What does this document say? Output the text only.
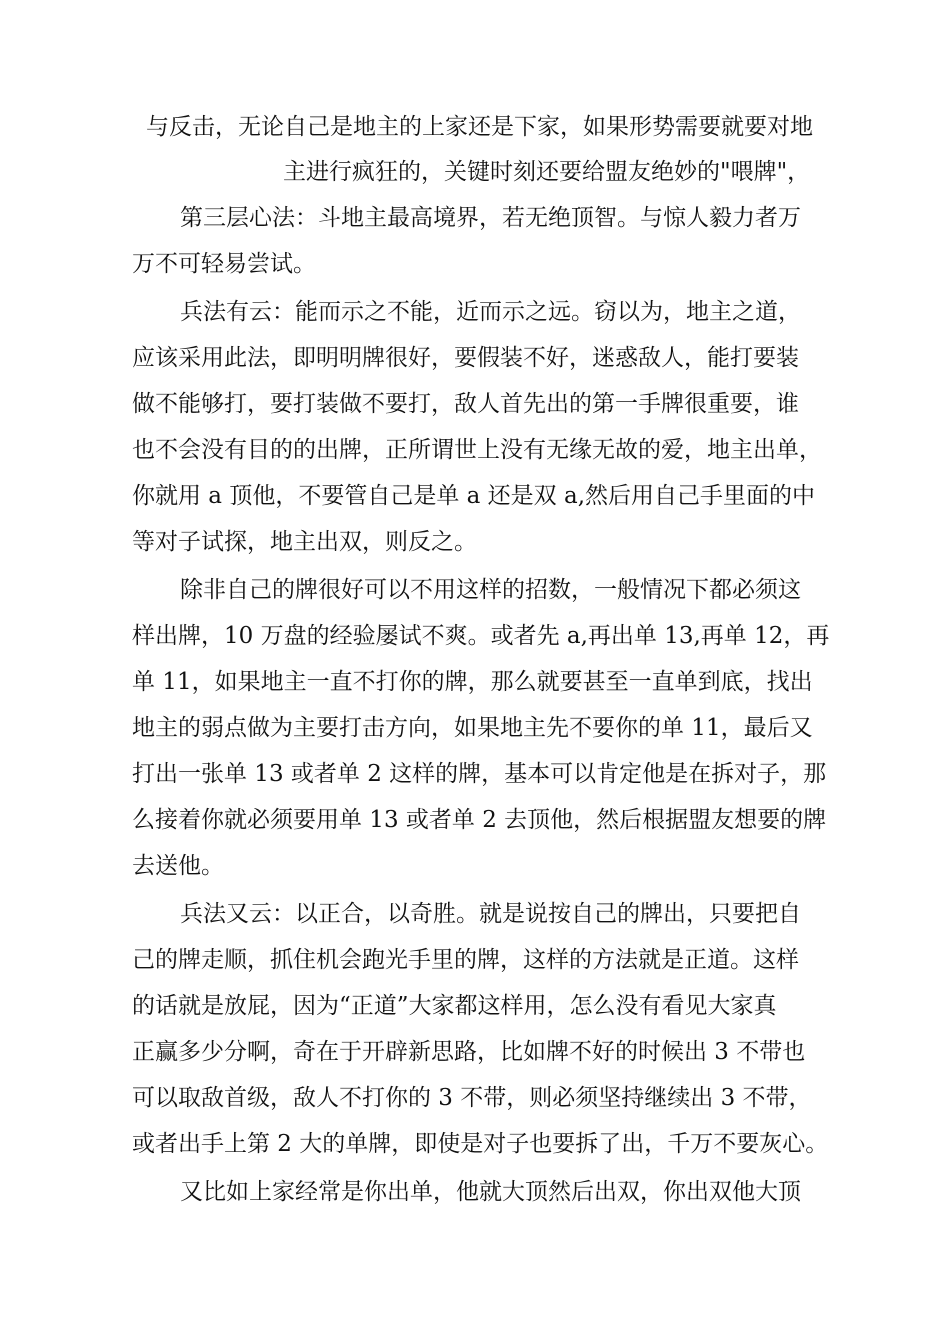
与反击，无论自己是地主的上家还是下家，如果形势需要就要对地
主进行疯狂的，关键时刻还要给盟友绝妙的"喂牌"，
第三层心法：斗地主最高境界，若无绝顶智。与惊人毅力者万
万不可轻易尝试。
兵法有云：能而示之不能，近而示之远。窃以为，地主之道，
应该采用此法，即明明牌很好，要假装不好，迷惑敌人，能打要装
做不能够打，要打装做不要打，敌人首先出的第一手牌很重要，谁
也不会没有目的的出牌，正所谓世上没有无缘无故的爱，地主出单，
你就用 a 顶他，不要管自己是单 a 还是双 a,然后用自己手里面的中
等对子试探，地主出双，则反之。
除非自己的牌很好可以不用这样的招数，一般情况下都必须这
样出牌，10 万盘的经验屡试不爽。或者先 a,再出单 13,再单 12，再
单 11，如果地主一直不打你的牌，那么就要甚至一直单到底，找出
地主的弱点做为主要打击方向，如果地主先不要你的单 11，最后又
打出一张单 13 或者单 2 这样的牌，基本可以肯定他是在拆对子，那
么接着你就必须要用单 13 或者单 2 去顶他，然后根据盟友想要的牌
去送他。
兵法又云：以正合，以奇胜。就是说按自己的牌出，只要把自
己的牌走顺，抓住机会跑光手里的牌，这样的方法就是正道。这样
的话就是放屁，因为“正道”大家都这样用，怎么没有看见大家真
正赢多少分啊，奇在于开辟新思路，比如牌不好的时候出 3 不带也
可以取敌首级，敌人不打你的 3 不带，则必须坚持继续出 3 不带，
或者出手上第 2 大的单牌，即使是对子也要拆了出，千万不要灰心。
又比如上家经常是你出单，他就大顶然后出双，你出双他大顶
